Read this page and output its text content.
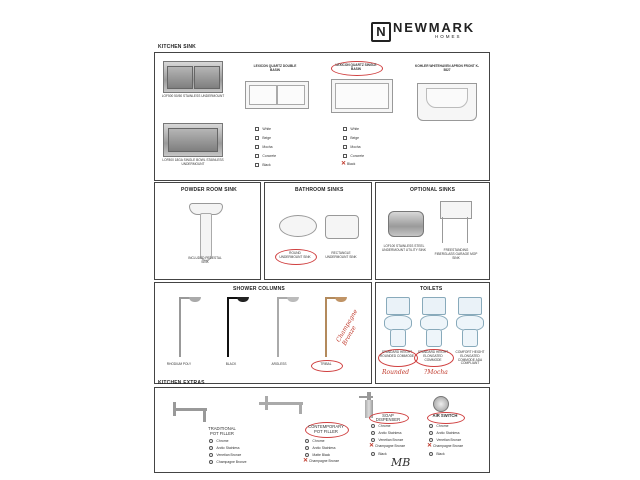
N NEWMARK
HOMES
KITCHEN SINK
LOF500 50/50 STAINLESS UNDERMOUNT
LOF800 18GA SINGLE BOWL STAINLESS UNDERMOUNT
LEXICON QUARTZ DOUBLE BASIN
White
Beige
Mocha
Concrete
Black
LEXICON QUARTZ SINGLE BASIN
White
Beige
Mocha
Concrete
✕Black
KOHLER WHITEHAVEN APRON FRONT K-5827
POWDER ROOM SINK
INCLUDED PEDESTAL SINK
BATHROOM SINKS
ROUND UNDERMOUNT SINK
RECTANGLE UNDERMOUNT SINK
OPTIONAL SINKS
LOF100 STAINLESS STEEL UNDERMOUNT UTILITY SINK	FREESTANDING FIBERGLASS GARAGE MOP SINK
SHOWER COLUMNS
RHODIUM POLY	BLACK	ARGLESS	TRIBAL
Champagne Bronze
TOILETS
STANDARD HEIGHT ROUNDED COMMODE
STANDARD HEIGHT ELONGATED COMMODE
COMFORT HEIGHT ELONGATED COMMODE ADA COMPLIANT
Rounded ?Mocha
KITCHEN EXTRAS
TRADITIONAL POT FILLER
Chrome
Arctic Stainless
Venetian Bronze
Champagne Bronze
CONTEMPORARY POT FILLER
Chrome
Arctic Stainless
Matte Black
✕Champagne Bronze
SOAP DISPENSER
Chrome
Arctic Stainless
Venetian Bronze
✕Champagne Bronze
Black
AIR SWITCH
Chrome
Arctic Stainless
Venetian Bronze
✕Champagne Bronze
Black
MB
